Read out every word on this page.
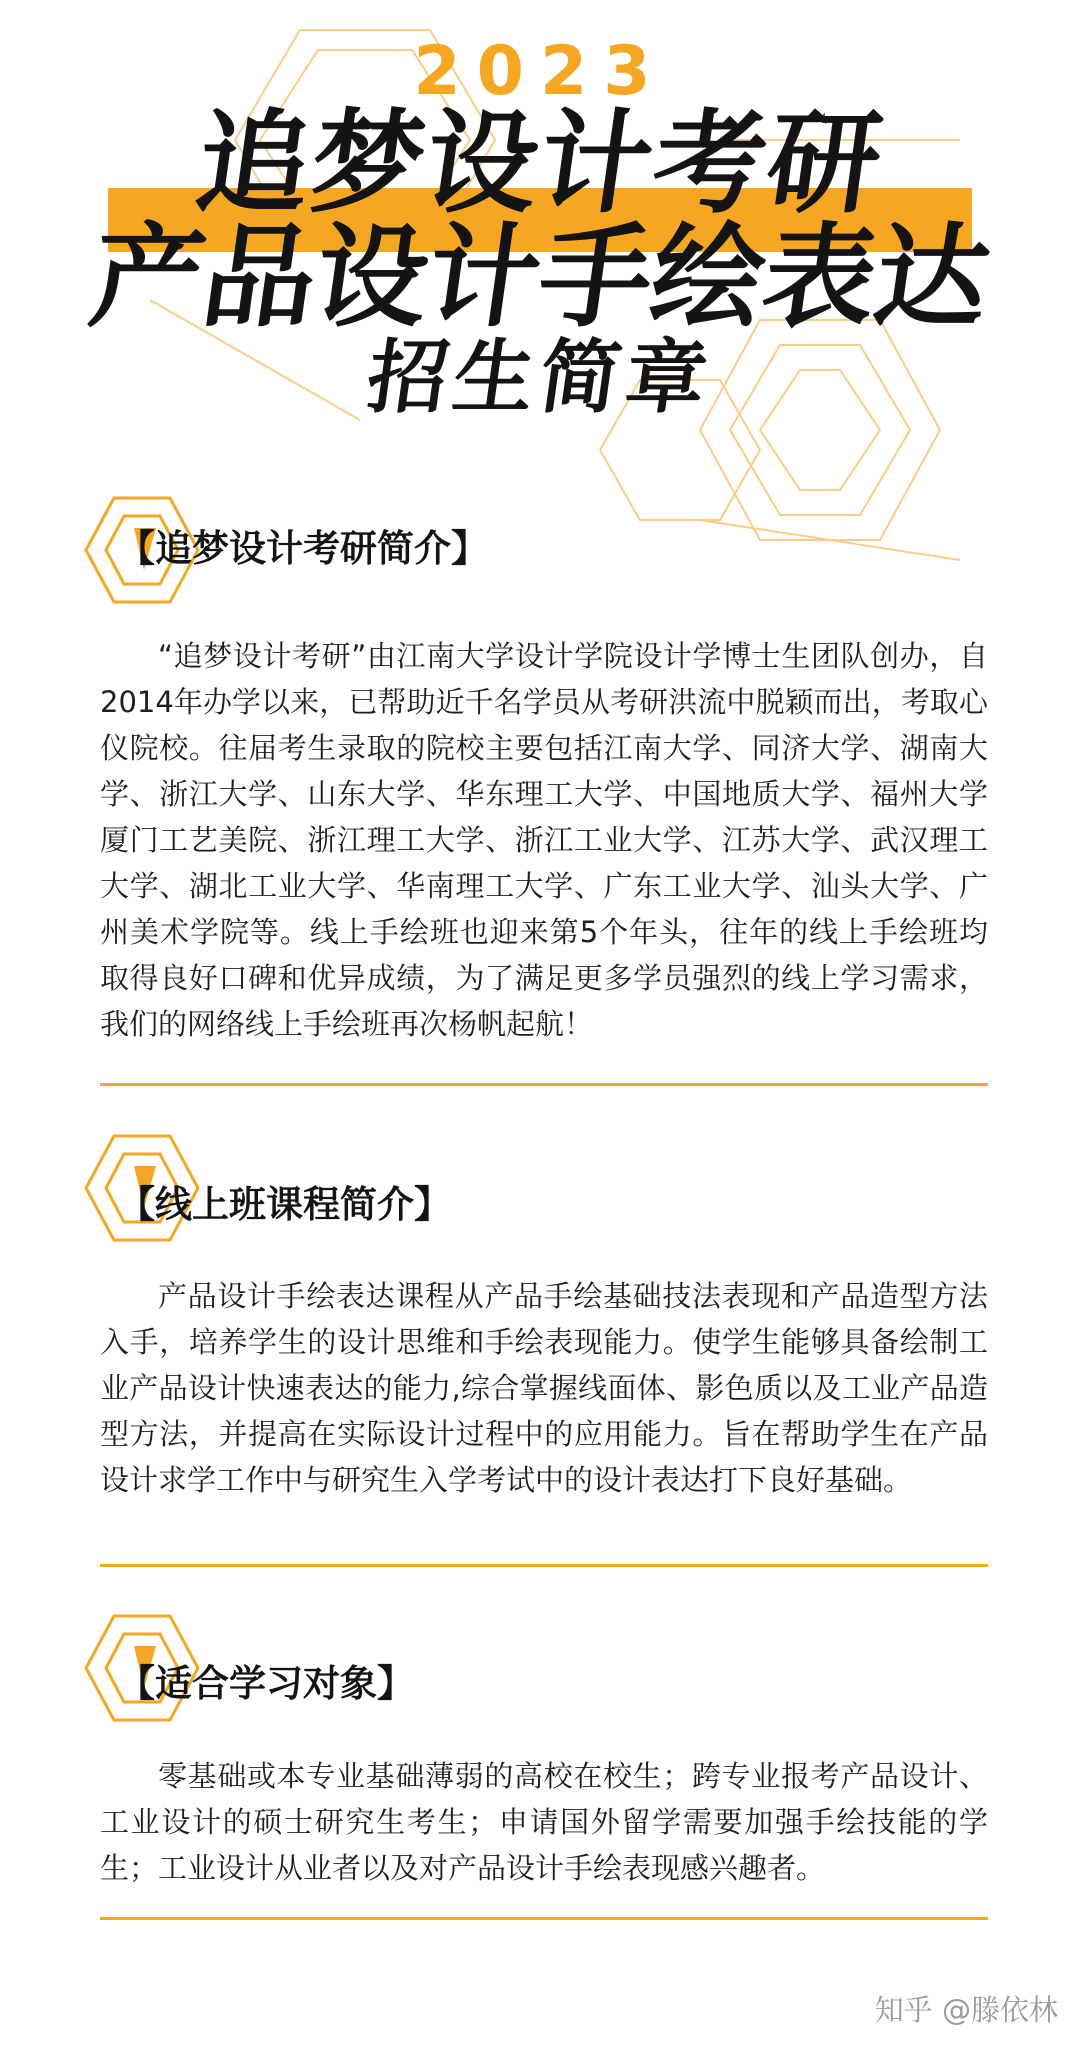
2023
追梦设计考研
产品设计手绘表达
招生简章
【追梦设计考研简介】

“追梦设计考研”由江南大学设计学院设计学博士生团队创办，自2014年办学以来，已帮助近千名学员从考研洪流中脱颖而出，考取心仪院校。往届考生录取的院校主要包括江南大学、同济大学、湖南大学、浙江大学、山东大学、华东理工大学、中国地质大学、福州大学厦门工艺美院、浙江理工大学、浙江工业大学、江苏大学、武汉理工大学、湖北工业大学、华南理工大学、广东工业大学、汕头大学、广州美术学院等。线上手绘班也迎来第5个年头，往年的线上手绘班均取得良好口碑和优异成绩，为了满足更多学员强烈的线上学习需求，我们的网络线上手绘班再次杨帆起航！

【线上班课程简介】

产品设计手绘表达课程从产品手绘基础技法表现和产品造型方法入手，培养学生的设计思维和手绘表现能力。使学生能够具备绘制工业产品设计快速表达的能力,综合掌握线面体、影色质以及工业产品造型方法，并提高在实际设计过程中的应用能力。旨在帮助学生在产品设计求学工作中与研究生入学考试中的设计表达打下良好基础。

【适合学习对象】

零基础或本专业基础薄弱的高校在校生；跨专业报考产品设计、工业设计的硕士研究生考生；申请国外留学需要加强手绘技能的学生；工业设计从业者以及对产品设计手绘表现感兴趣者。

知乎 @滕依林
